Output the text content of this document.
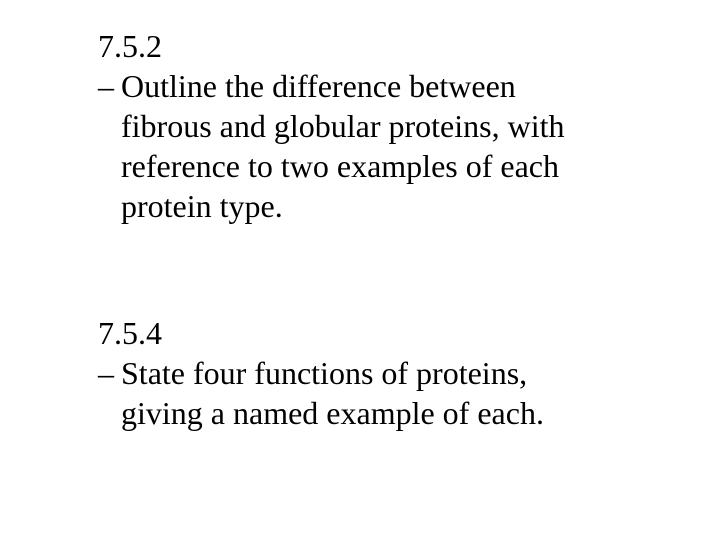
7.5.2
– Outline the difference between
fibrous and globular proteins, with
reference to two examples of each
protein type.
7.5.4
– State four functions of proteins,
giving a named example of each.
